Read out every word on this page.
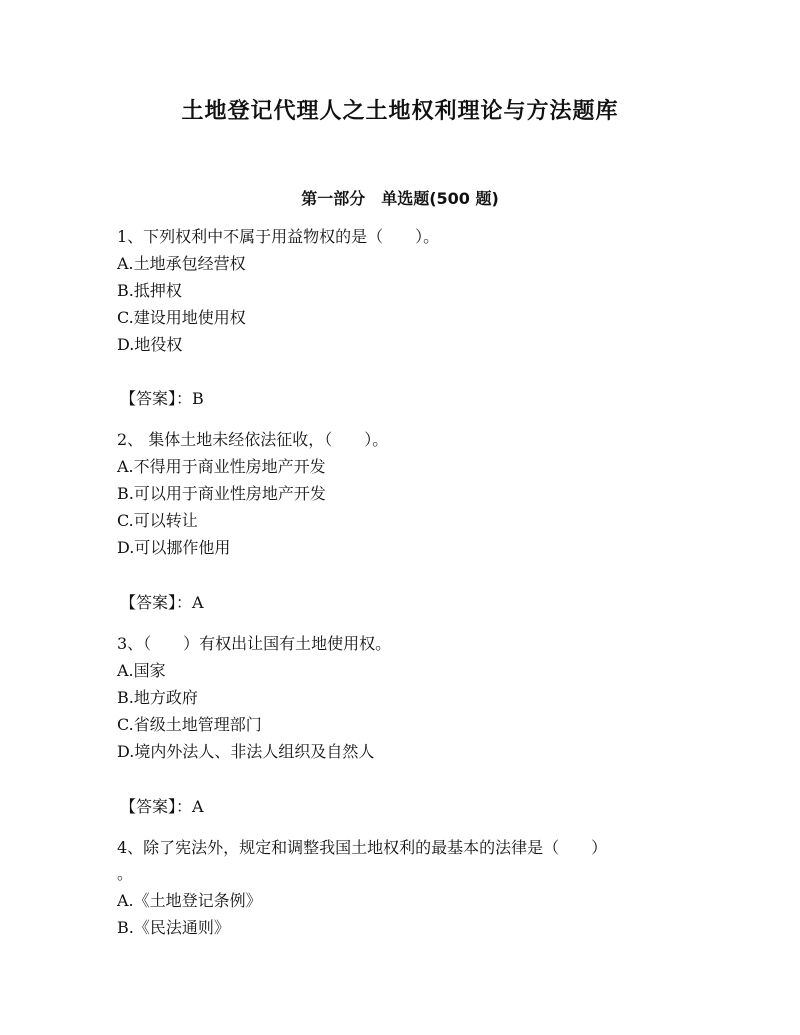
土地登记代理人之土地权利理论与方法题库
第一部分　单选题(500 题)
1、下列权利中不属于用益物权的是（　　）。
A.土地承包经营权
B.抵押权
C.建设用地使用权
D.地役权
【答案】：B
2、 集体土地未经依法征收，（　　）。
A.不得用于商业性房地产开发
B.可以用于商业性房地产开发
C.可以转让
D.可以挪作他用
【答案】：A
3、（　　）有权出让国有土地使用权。
A.国家
B.地方政府
C.省级土地管理部门
D.境内外法人、非法人组织及自然人
【答案】：A
4、除了宪法外，规定和调整我国土地权利的最基本的法律是（　　）
。
A.《土地登记条例》
B.《民法通则》
